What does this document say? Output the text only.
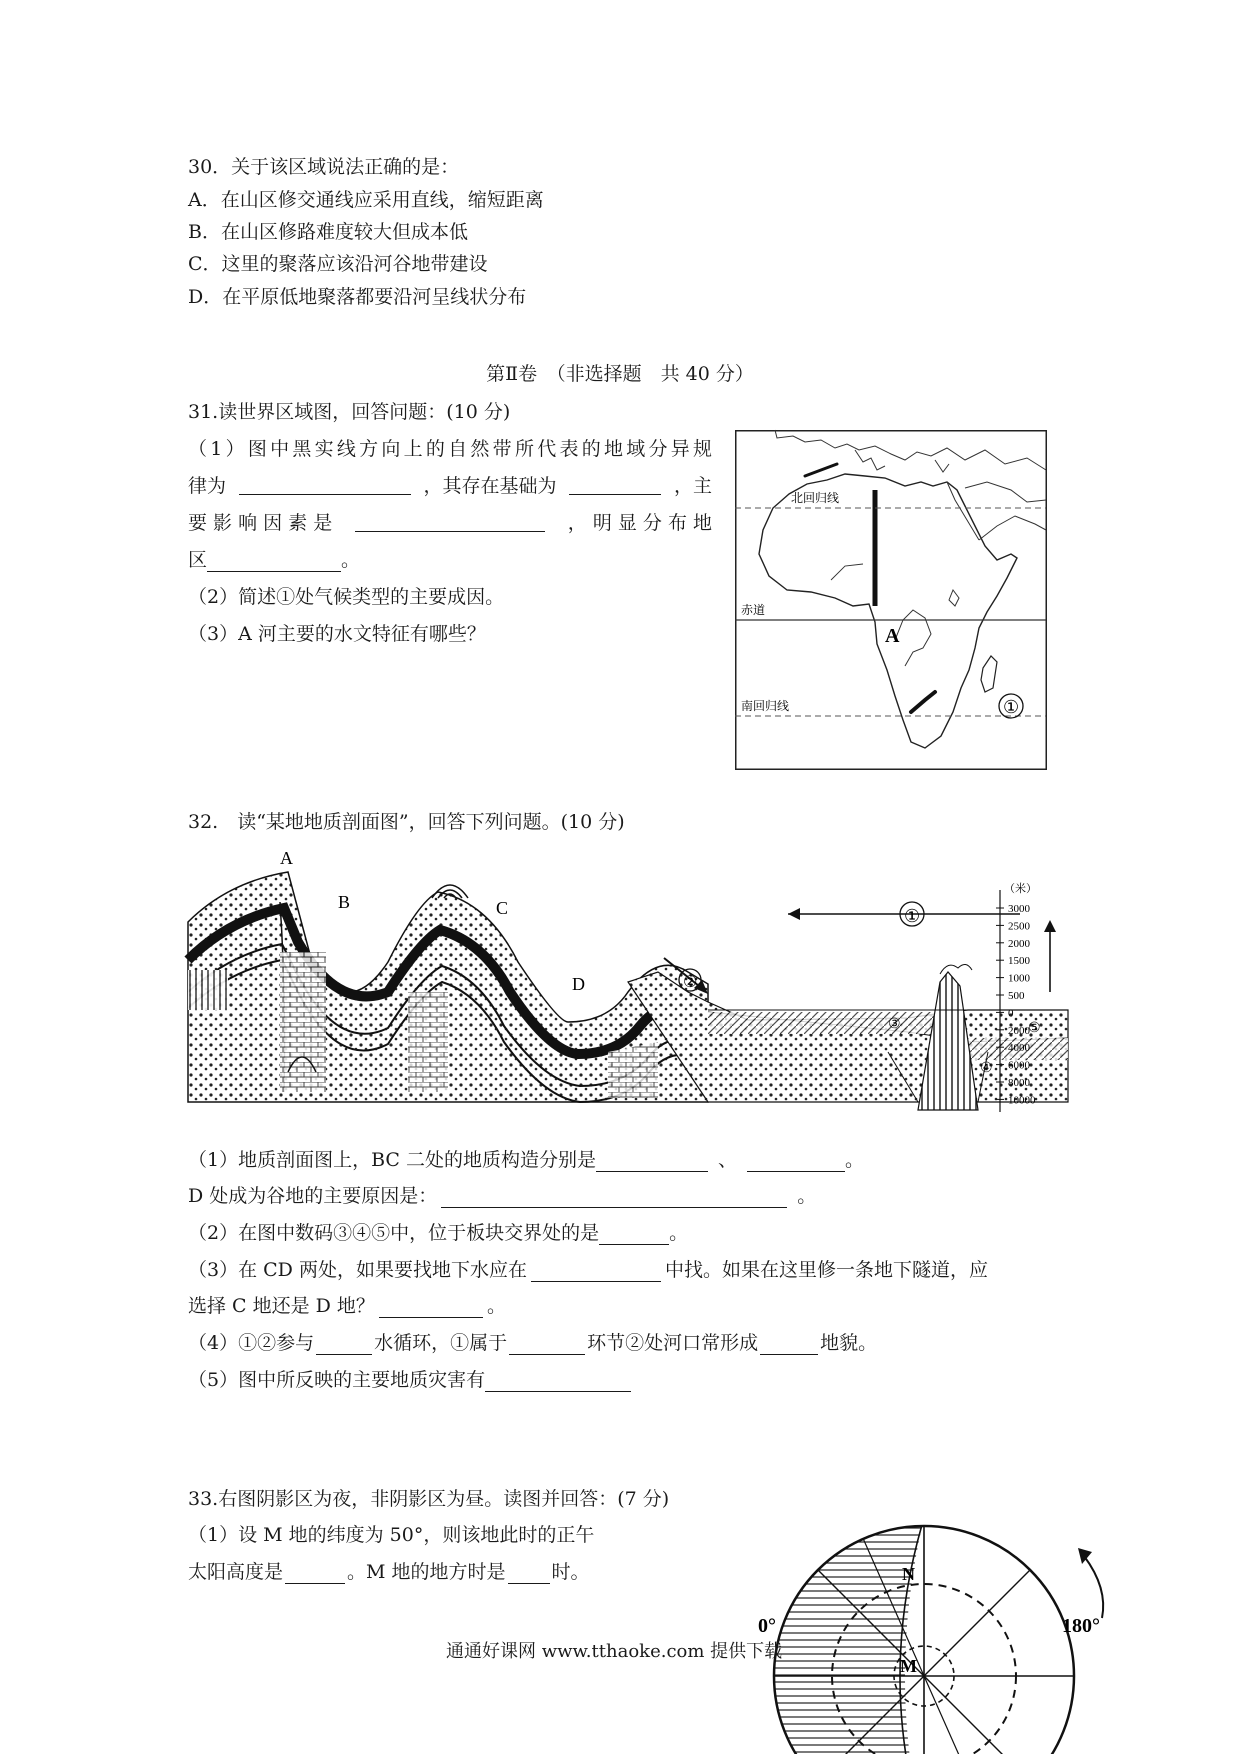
30．关于该区域说法正确的是：
A．在山区修交通线应采用直线，缩短距离
B．在山区修路难度较大但成本低
C．这里的聚落应该沿河谷地带建设
D．在平原低地聚落都要沿河呈线状分布
第Ⅱ卷　（非选择题　共 40 分）
31.读世界区域图，回答问题：(10 分)
（1）图中黑实线方向上的自然带所代表的地域分异规
律为	，其存在基础为	，主
要 影 响 因 素 是	， 明 显 分 布 地
区	。
（2）简述①处气候类型的主要成因。
（3）A 河主要的水文特征有哪些？
北回归线
赤道
南回归线
A
①
32.　读“某地地质剖面图”，回答下列问题。(10 分)
①
②
③
④
⑤
A
B	C
D
（米）
3000
2500
2000
1500
1000
500
0
2000
4000
6000
8000
10000
（1）地质剖面图上，BC 二处的地质构造分别是	、	。
D 处成为谷地的主要原因是：	。
（2）在图中数码③④⑤中，位于板块交界处的是	。
（3）在 CD 两处，如果要找地下水应在	中找。如果在这里修一条地下隧道，应
选择 C 地还是 D 地？	。
（4）①②参与	水循环，①属于	环节②处河口常形成	地貌。
（5）图中所反映的主要地质灾害有
33.右图阴影区为夜，非阴影区为昼。读图并回答：(7 分)
（1）设 M 地的纬度为 50°，则该地此时的正午
太阳高度是	。M 地的地方时是 时。	N
M
0°	180°
通通好课网 www.tthaoke.com 提供下载
